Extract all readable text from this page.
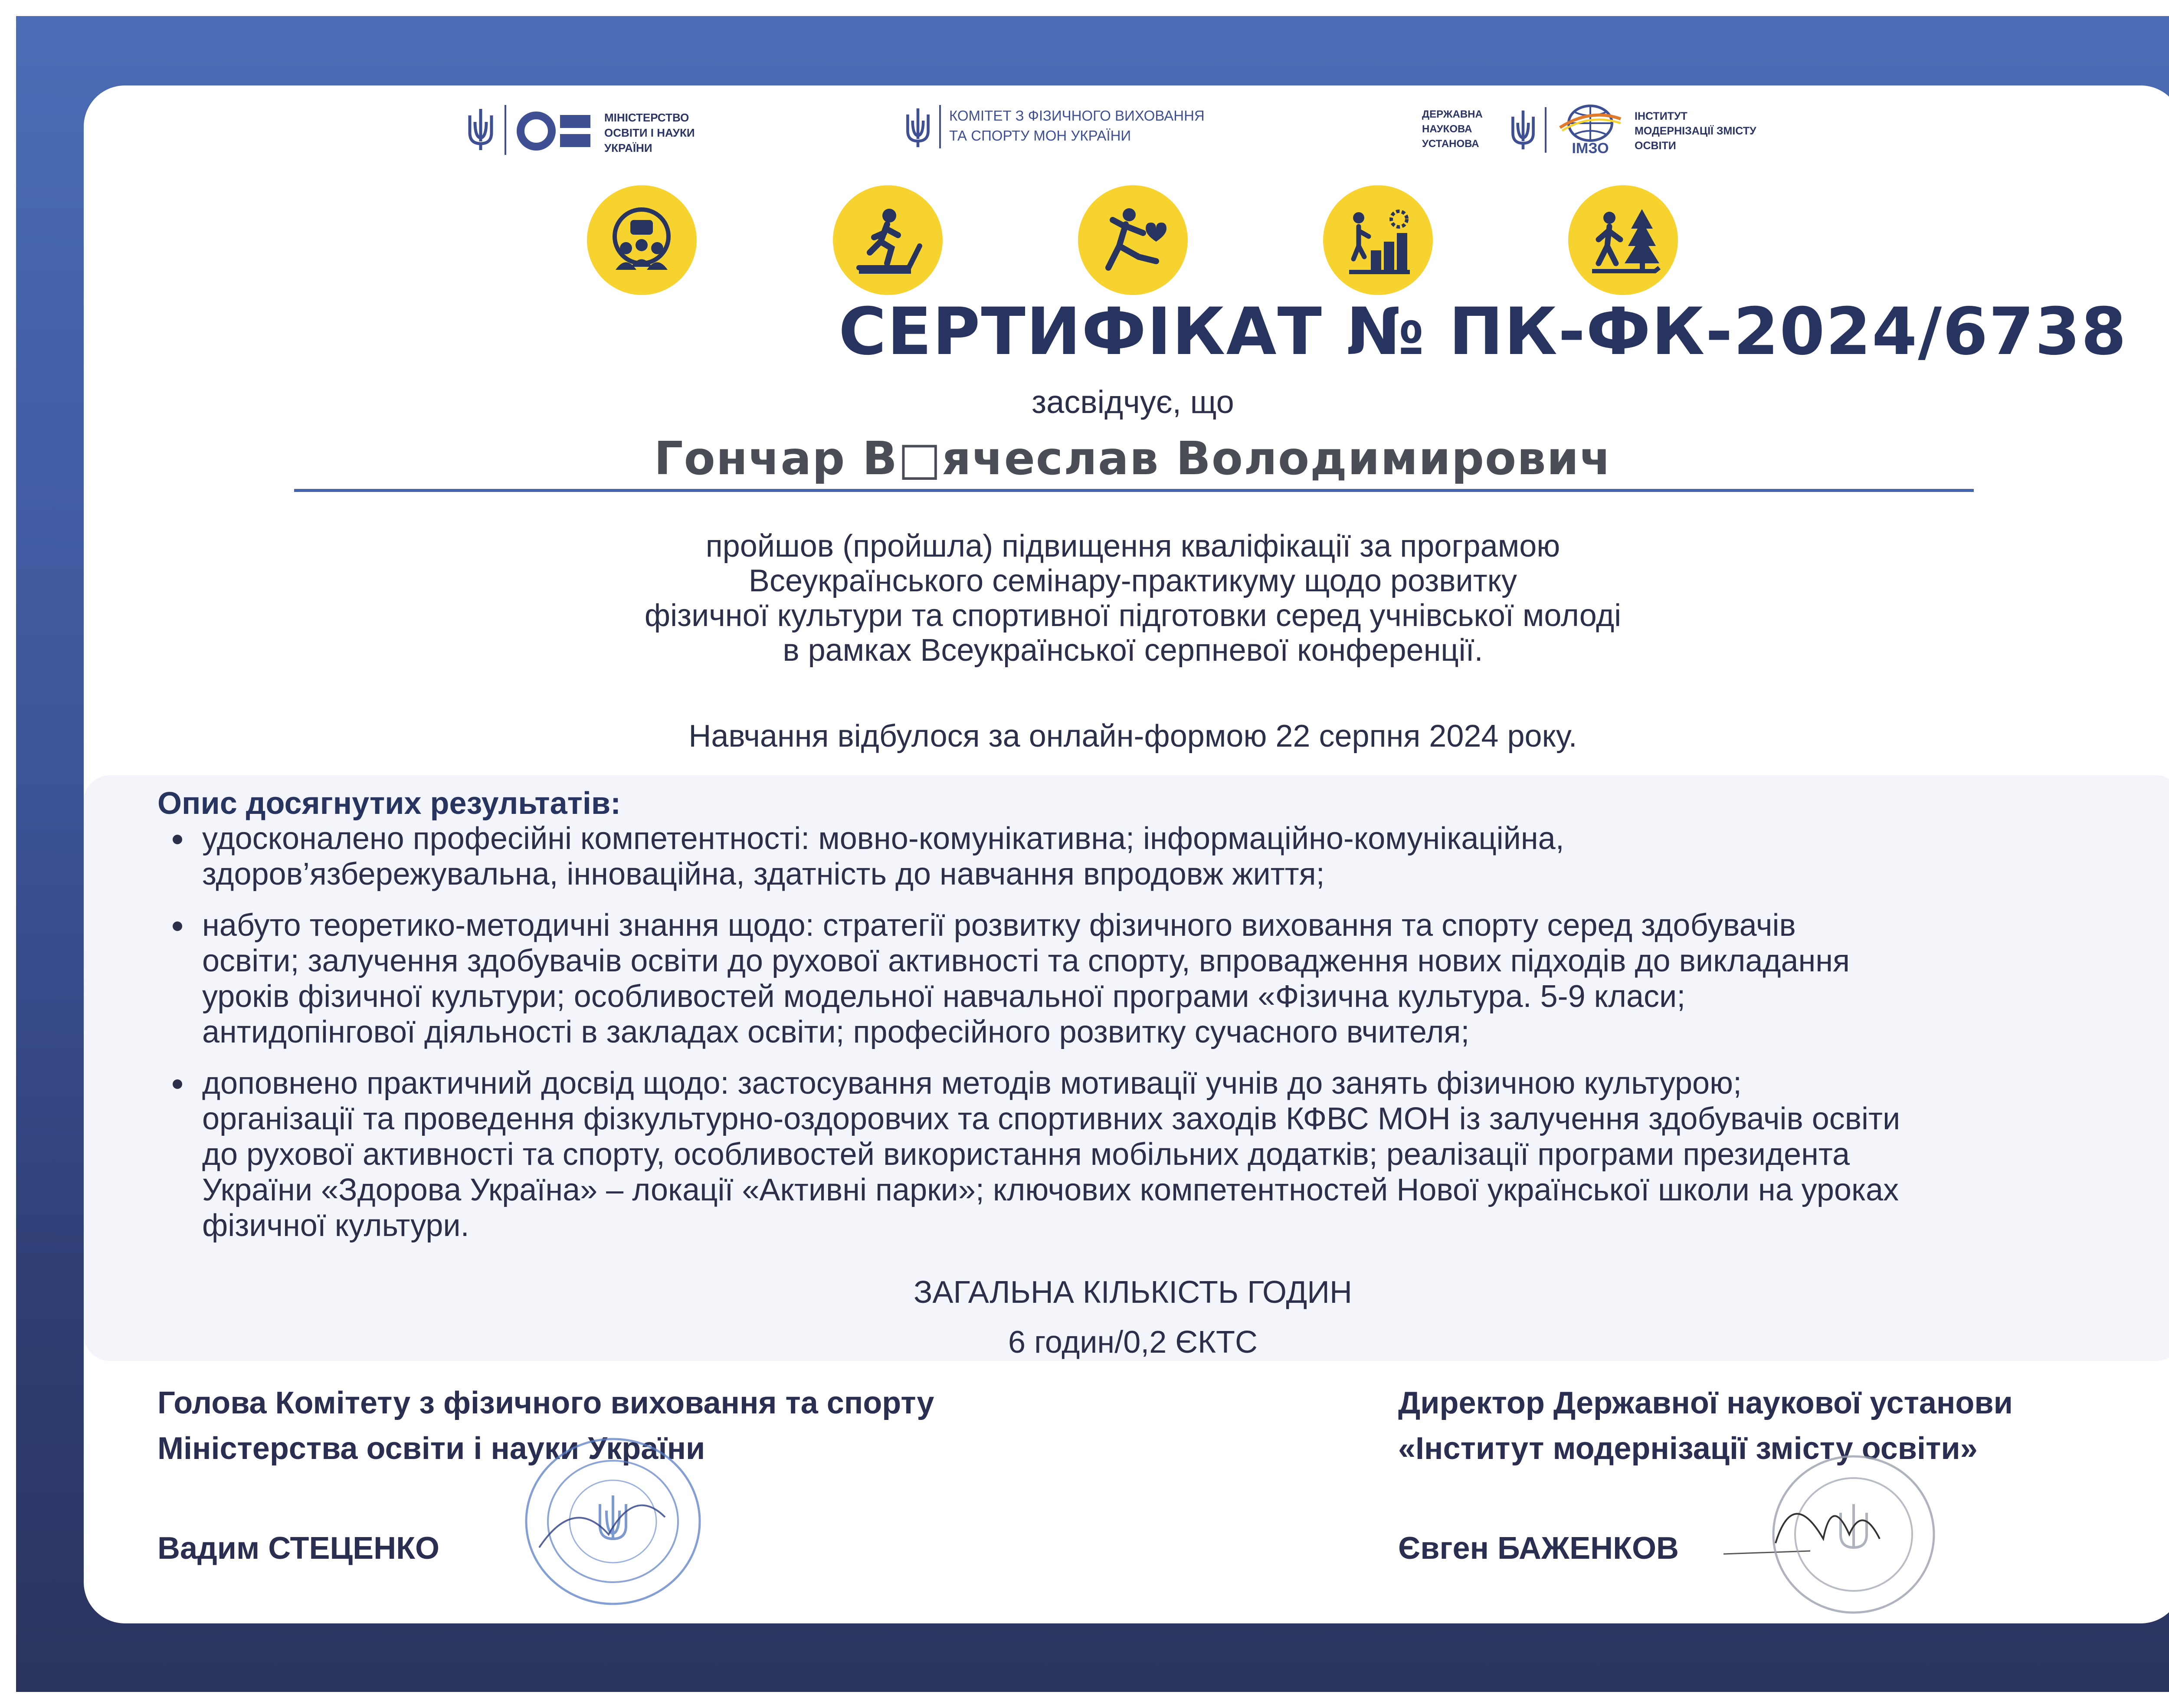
МІНІСТЕРСТВО
ОСВІТИ І НАУКИ
УКРАЇНИ
КОМІТЕТ З ФІЗИЧНОГО ВИХОВАННЯ
ТА СПОРТУ МОН УКРАЇНИ
ДЕРЖАВНА
НАУКОВА
УСТАНОВА	ІМЗО
ІНСТИТУТ
МОДЕРНІЗАЦІЇ ЗМІСТУ
ОСВІТИ
СЕРТИФІКАТ № ПК-ФК-2024/6738
засвідчує, що
Гончар В□ячеслав Володимирович
пройшов (пройшла) підвищення кваліфікації за програмою
Всеукраїнського семінару-практикуму щодо розвитку
фізичної культури та спортивної підготовки серед учнівської молоді
в рамках Всеукраїнської серпневої конференції.
Навчання відбулося за онлайн-формою 22 серпня 2024 року.
Опис досягнутих результатів:
удосконалено професійні компетентності: мовно-комунікативна; інформаційно-комунікаційна,
здоров’язбережувальна, інноваційна, здатність до навчання впродовж життя;
набуто теоретико-методичні знання щодо: стратегії розвитку фізичного виховання та спорту серед здобувачів
освіти; залучення здобувачів освіти до рухової активності та спорту, впровадження нових підходів до викладання
уроків фізичної культури; особливостей модельної навчальної програми «Фізична культура. 5-9 класи;
антидопінгової діяльності в закладах освіти; професійного розвитку сучасного вчителя;
доповнено практичний досвід щодо: застосування методів мотивації учнів до занять фізичною культурою;
організації та проведення фізкультурно-оздоровчих та спортивних заходів КФВС МОН із залучення здобувачів освіти
до рухової активності та спорту, особливостей використання мобільних додатків; реалізації програми президента
України «Здорова Україна» – локації «Активні парки»; ключових компетентностей Нової української школи на уроках
фізичної культури.
ЗАГАЛЬНА КІЛЬКІСТЬ ГОДИН
6 годин/0,2 ЄКТС
Голова Комітету з фізичного виховання та спорту
Міністерства освіти і науки України
Вадим СТЕЦЕНКО
Директор Державної наукової установи
«Інститут модернізації змісту освіти»
Євген БАЖЕНКОВ
